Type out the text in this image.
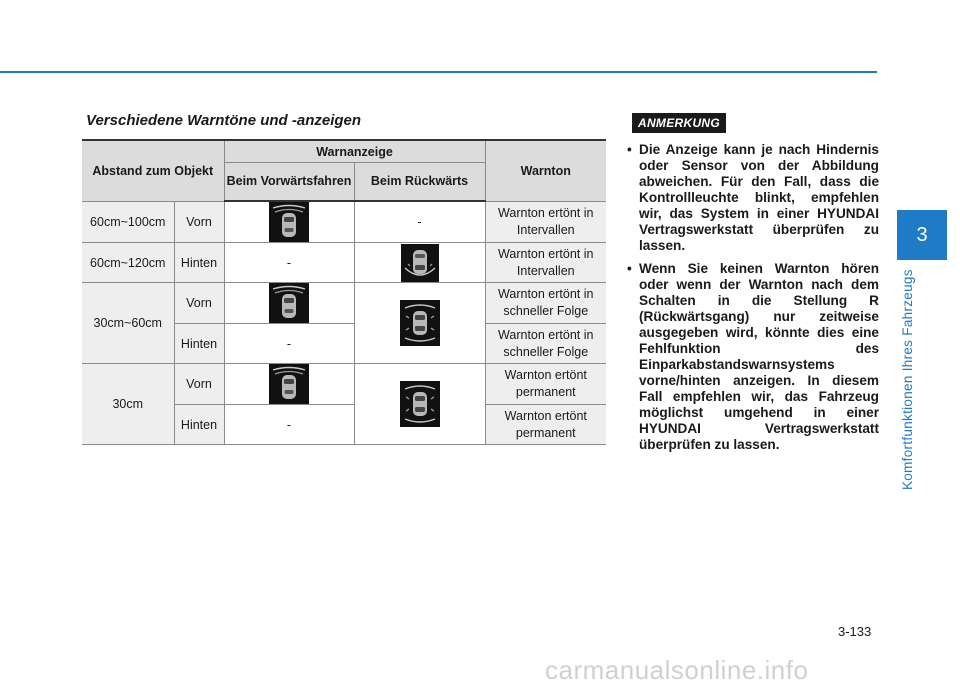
3
Komfortfunktionen Ihres Fahrzeugs
Verschiedene Warntöne und -anzeigen
Abstand zum Objekt		Warnanzeige		Warnton
		Beim Vorwärtsfahren	Beim Rückwärts	
60cm~100cm	Vorn		-	Warnton ertönt in Intervallen
60cm~120cm	Hinten	-		Warnton ertönt in Intervallen
30cm~60cm	Vorn			Warnton ertönt in schneller Folge
	Hinten	-		Warnton ertönt in schneller Folge
30cm	Vorn			Warnton ertönt permanent
	Hinten	-		Warnton ertönt permanent
ANMERKUNG
• Die Anzeige kann je nach Hindernis oder Sensor von der Abbildung abweichen. Für den Fall, dass die Kontrollleuchte blinkt, empfehlen wir, das System in einer HYUNDAI Vertragswerkstatt überprüfen zu lassen.
• Wenn Sie keinen Warnton hören oder wenn der Warnton nach dem Schalten in die Stellung R (Rückwärtsgang) nur zeitweise ausgegeben wird, könnte dies eine Fehlfunktion des Einparkabstandswarnsystems vorne/hinten anzeigen. In diesem Fall empfehlen wir, das Fahrzeug möglichst umgehend in einer HYUNDAI Vertragswerkstatt überprüfen zu lassen.
3-133
carmanualsonline.info
